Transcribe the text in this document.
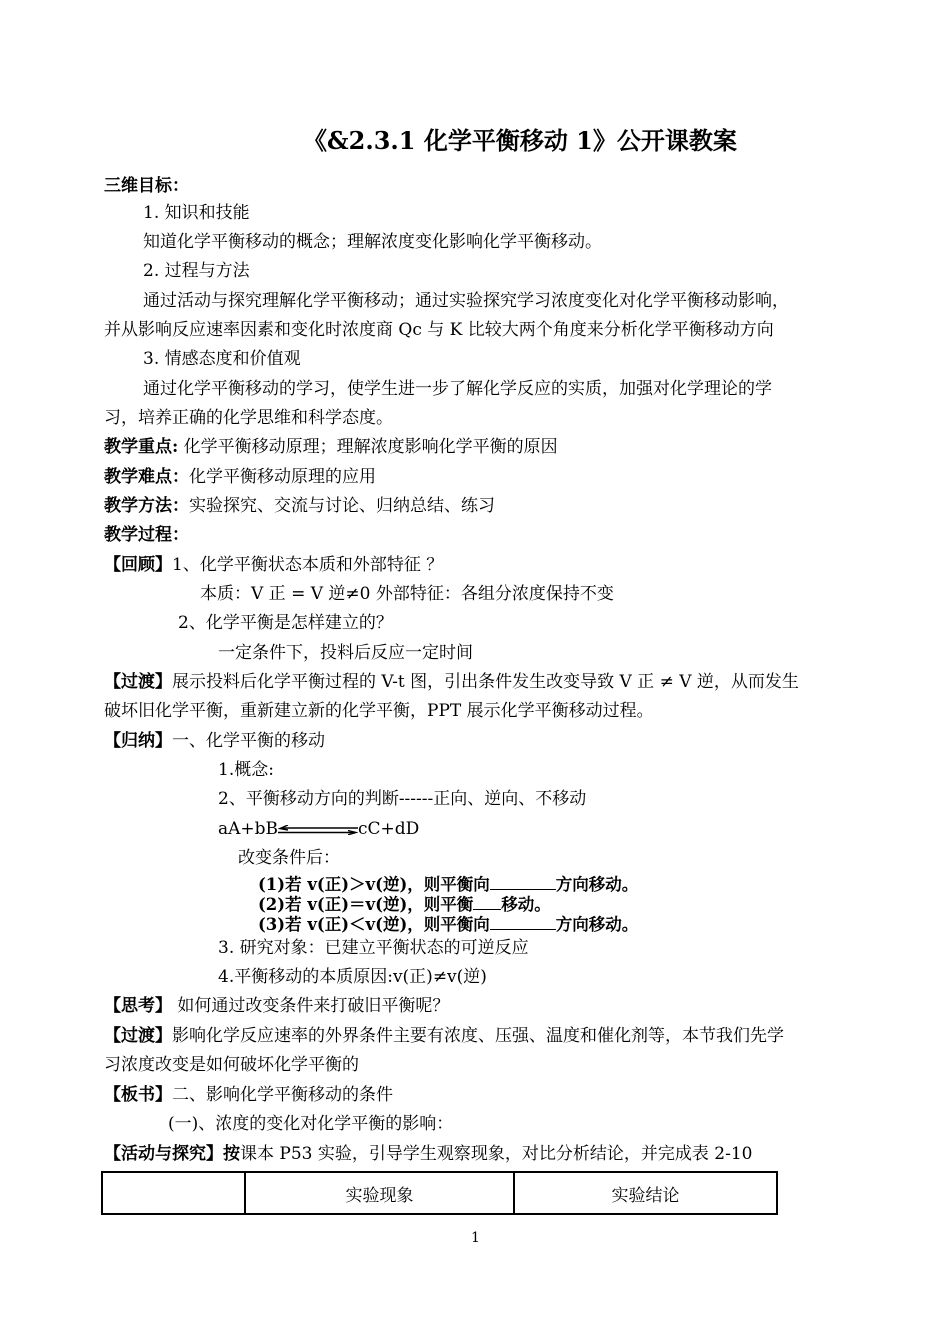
《&2.3.1 化学平衡移动 1》公开课教案
三维目标：
1. 知识和技能
知道化学平衡移动的概念；理解浓度变化影响化学平衡移动。
2. 过程与方法
通过活动与探究理解化学平衡移动；通过实验探究学习浓度变化对化学平衡移动影响，
并从影响反应速率因素和变化时浓度商 Qc 与 K 比较大两个角度来分析化学平衡移动方向
3. 情感态度和价值观
通过化学平衡移动的学习，使学生进一步了解化学反应的实质，加强对化学理论的学
习，培养正确的化学思维和科学态度。
教学重点: 化学平衡移动原理；理解浓度影响化学平衡的原因
教学难点：化学平衡移动原理的应用
教学方法：实验探究、交流与讨论、归纳总结、练习
教学过程：
【回顾】1、化学平衡状态本质和外部特征 ？
本质：V 正 = V 逆≠0 外部特征：各组分浓度保持不变
2、化学平衡是怎样建立的？
一定条件下，投料后反应一定时间
【过渡】展示投料后化学平衡过程的 V-t 图，引出条件发生改变导致 V 正 ≠ V 逆，从而发生
破坏旧化学平衡，重新建立新的化学平衡，PPT 展示化学平衡移动过程。
【归纳】一、化学平衡的移动
1.概念:
2、平衡移动方向的判断------正向、逆向、不移动
aA+bB	cC+dD
改变条件后：
(1)若 v(正)＞v(逆)，则平衡向	方向移动。
(2)若 v(正)＝v(逆)，则平衡 移动。
(3)若 v(正)＜v(逆)，则平衡向	方向移动。
3. 研究对象：已建立平衡状态的可逆反应
4.平衡移动的本质原因:v(正)≠v(逆)
【思考】 如何通过改变条件来打破旧平衡呢？
【过渡】影响化学反应速率的外界条件主要有浓度、压强、温度和催化剂等，本节我们先学
习浓度改变是如何破坏化学平衡的
【板书】二、影响化学平衡移动的条件
(一)、浓度的变化对化学平衡的影响：
【活动与探究】按课本 P53 实验，引导学生观察现象，对比分析结论，并完成表 2-10
	实验现象	实验结论
1
